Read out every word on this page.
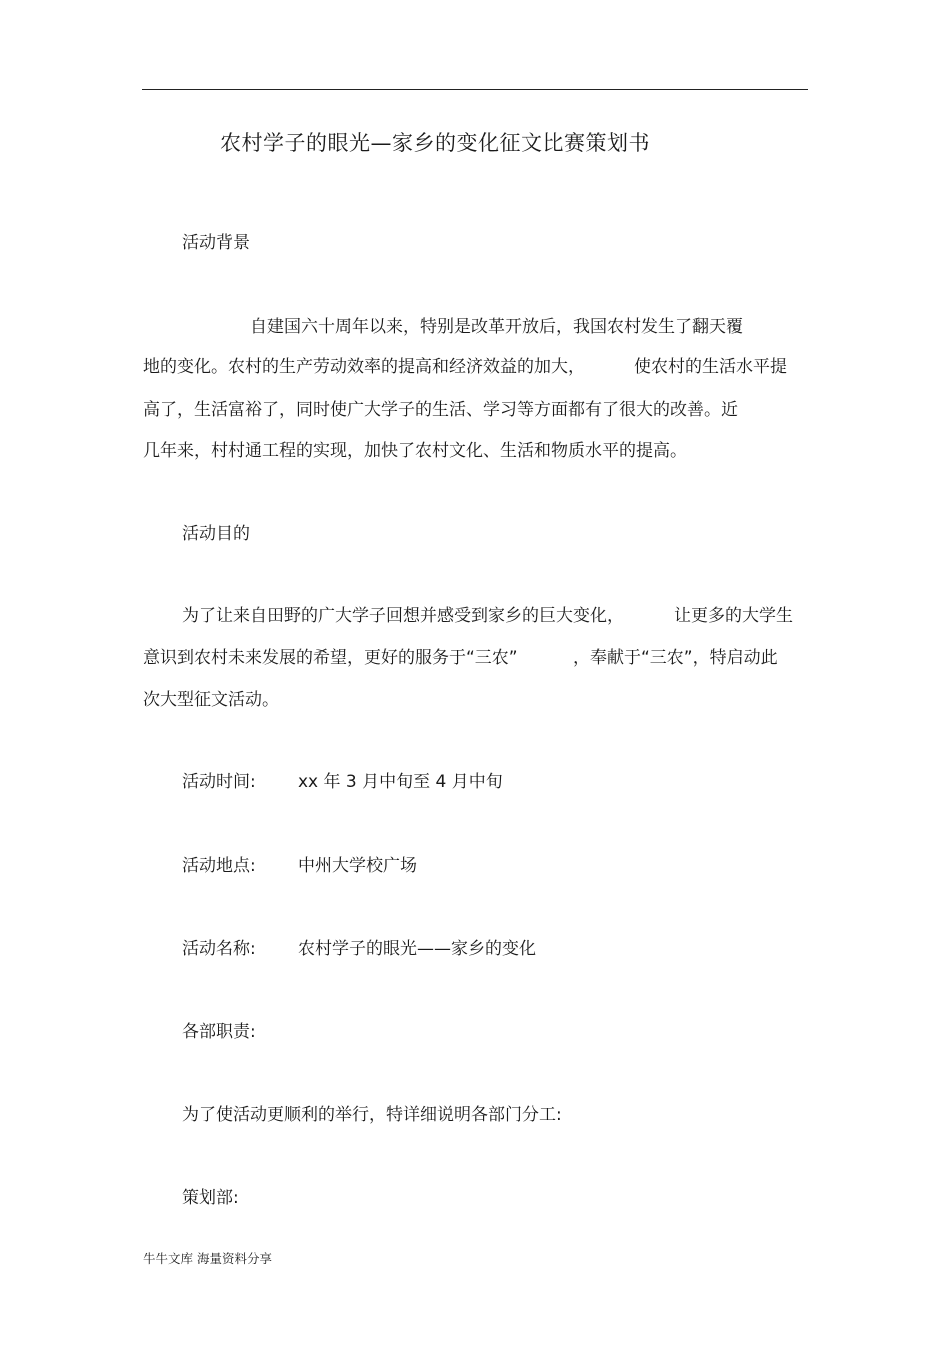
农村学子的眼光—家乡的变化征文比赛策划书
活动背景
自建国六十周年以来，特别是改革开放后，我国农村发生了翻天覆
地的变化。农村的生产劳动效率的提高和经济效益的加大，	使农村的生活水平提
高了，生活富裕了，同时使广大学子的生活、学习等方面都有了很大的改善。近
几年来，村村通工程的实现，加快了农村文化、生活和物质水平的提高。
活动目的
为了让来自田野的广大学子回想并感受到家乡的巨大变化，	让更多的大学生
意识到农村未来发展的希望，更好的服务于“三农”	，奉献于“三农”，特启动此
次大型征文活动。
活动时间: xx 年 3 月中旬至 4 月中旬
活动地点: 中州大学校广场
活动名称: 农村学子的眼光——家乡的变化
各部职责:
为了使活动更顺利的举行，特详细说明各部门分工:
策划部:
牛牛文库 海量资料分享
